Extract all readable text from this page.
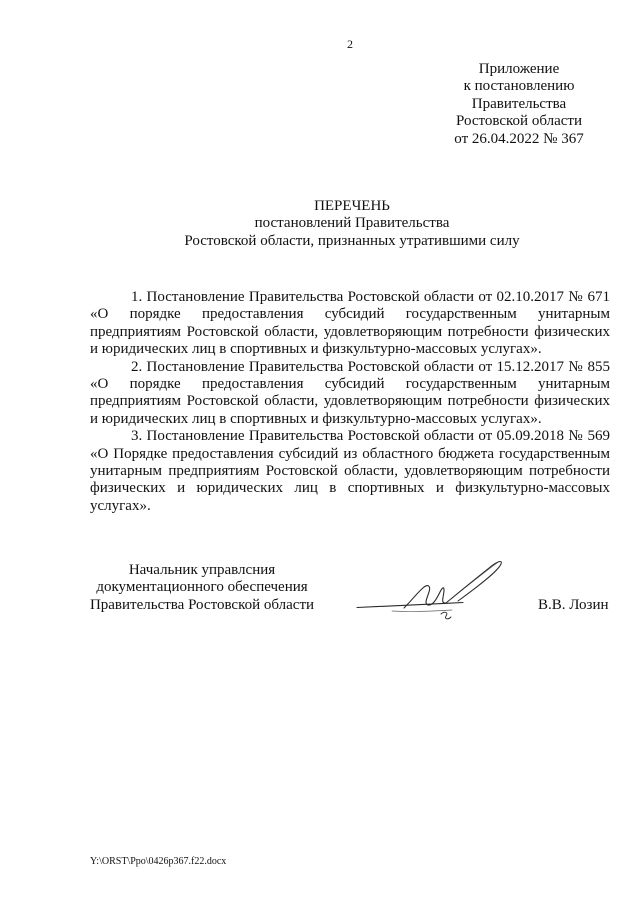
2
Приложение
к постановлению
Правительства
Ростовской области
от 26.04.2022 № 367
ПЕРЕЧЕНЬ
постановлений Правительства
Ростовской области, признанных утратившими силу
1. Постановление Правительства Ростовской области от 02.10.2017 № 671
«О порядке предоставления субсидий государственным унитарным
предприятиям Ростовской области, удовлетворяющим потребности физических
и юридических лиц в спортивных и физкультурно-массовых услугах».
2. Постановление Правительства Ростовской области от 15.12.2017 № 855
«О порядке предоставления субсидий государственным унитарным
предприятиям Ростовской области, удовлетворяющим потребности физических
и юридических лиц в спортивных и физкультурно-массовых услугах».
3. Постановление Правительства Ростовской области от 05.09.2018 № 569
«О Порядке предоставления субсидий из областного бюджета государственным
унитарным предприятиям Ростовской области, удовлетворяющим потребности
физических и юридических лиц в спортивных и физкультурно-массовых
услугах».
Начальник управлсния
документационного обеспечения
Правительства Ростовской области	В.В. Лозин
Y:\ORST\Ppo\0426p367.f22.docx
